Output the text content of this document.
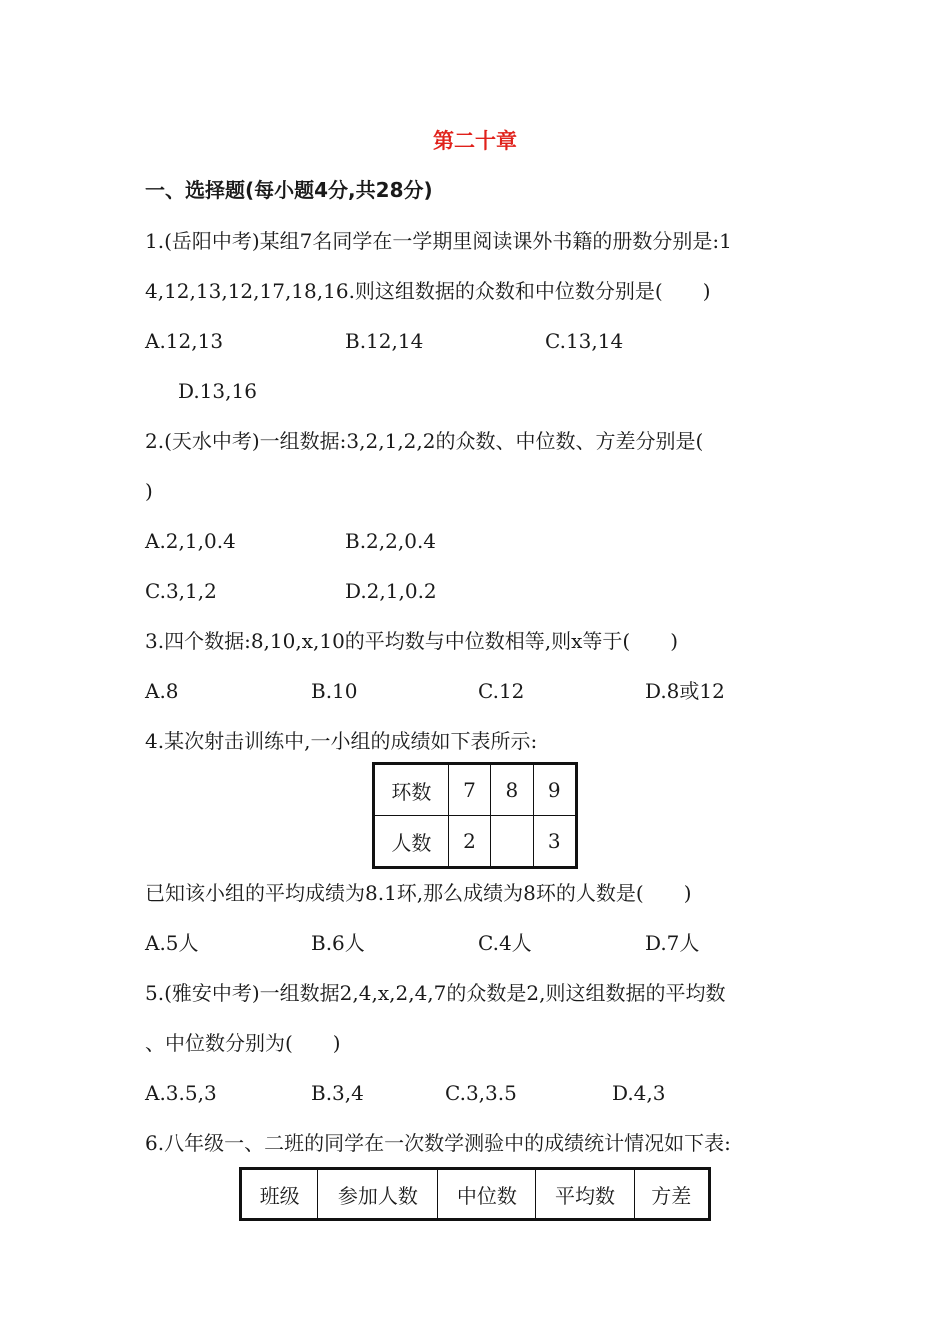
第二十章
一、选择题(每小题4分,共28分)
1.(岳阳中考)某组7名同学在一学期里阅读课外书籍的册数分别是:1
4,12,13,12,17,18,16.则这组数据的众数和中位数分别是(　　)
A.12,13	B.12,14	C.13,14
D.13,16
2.(天水中考)一组数据:3,2,1,2,2的众数、中位数、方差分别是(
)
A.2,1,0.4	B.2,2,0.4
C.3,1,2	D.2,1,0.2
3.四个数据:8,10,x,10的平均数与中位数相等,则x等于(　　)
A.8	B.10	C.12	D.8或12
4.某次射击训练中,一小组的成绩如下表所示:
环数	7	8	9
人数	2		3
已知该小组的平均成绩为8.1环,那么成绩为8环的人数是(　　)
A.5人	B.6人	C.4人	D.7人
5.(雅安中考)一组数据2,4,x,2,4,7的众数是2,则这组数据的平均数
、中位数分别为(　　)
A.3.5,3	B.3,4	C.3,3.5	D.4,3
6.八年级一、二班的同学在一次数学测验中的成绩统计情况如下表:
班级	参加人数	中位数	平均数	方差
